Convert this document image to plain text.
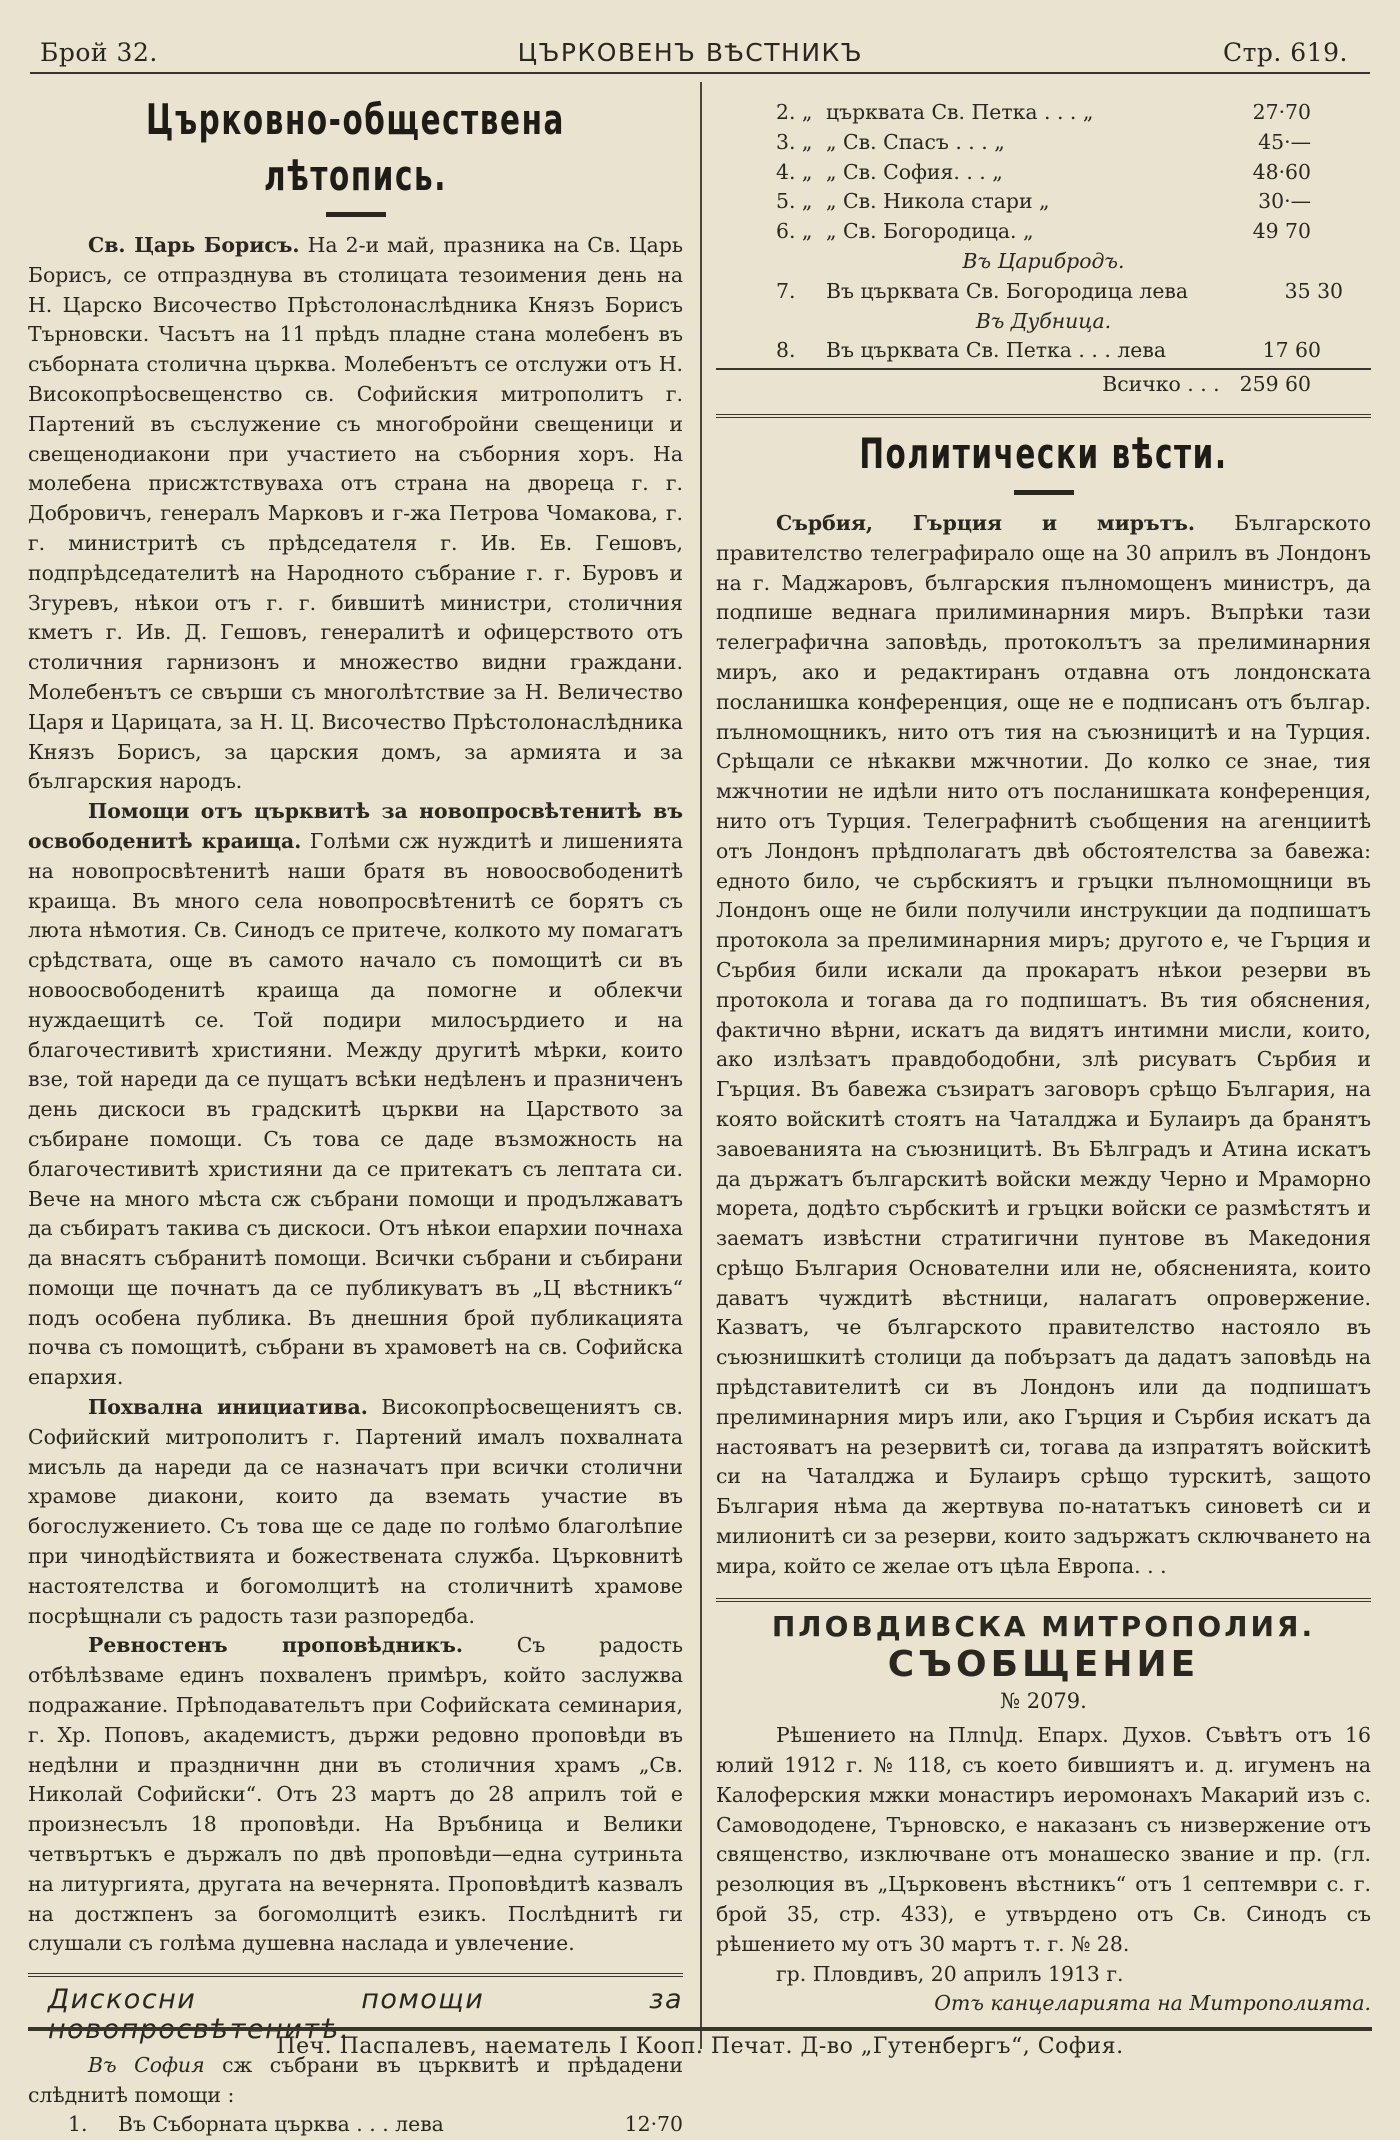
Брой 32.	ЦЪРКОВЕНЪ ВѢСТНИКЪ	Стр. 619.
Църковно-обществена лѣтопись.

Св. Царь Борисъ. На 2-и май, празника на Св. Царь Борисъ, се отпразднува въ столицата тезоимения день на Н. Царско Височество Прѣстолонаслѣдника Князъ Борисъ Търновски. Часътъ на 11 прѣдъ пладне стана молебенъ въ съборната столична църква. Молебенътъ се отслужи отъ Н. Високопрѣосвещенство св. Софийския митрополитъ г. Партений въ съслужение съ многобройни свещеници и свещенодиакони при участието на съборния хоръ. На молебена присжтствуваха отъ страна на двореца г. г. Добровичъ, генералъ Марковъ и г-жа Петрова Чомакова, г. г. министритѣ съ прѣдседателя г. Ив. Ев. Гешовъ, подпрѣдседателитѣ на Народното събрание г. г. Буровъ и Згуревъ, нѣкои отъ г. г. бившитѣ министри, столичния кметъ г. Ив. Д. Гешовъ, генералитѣ и офицерството отъ столичния гарнизонъ и множество видни граждани. Молебенътъ се свърши съ многолѣтствие за Н. Величество Царя и Царицата, за Н. Ц. Височество Прѣстолонаслѣдника Князъ Борисъ, за царския домъ, за армията и за българския народъ.

Помощи отъ църквитѣ за новопросвѣтенитѣ въ освободенитѣ краища. Голѣми сж нуждитѣ и лишенията на новопросвѣтенитѣ наши братя въ новоосвободенитѣ краища. Въ много села новопросвѣтенитѣ се борятъ съ люта нѣмотия. Св. Синодъ се притече, колкото му помагатъ срѣдствата, още въ самото начало съ помощитѣ си въ новоосвободенитѣ краища да помогне и облекчи нуждаещитѣ се. Той подири милосърдието и на благочестивитѣ християни. Между другитѣ мѣрки, които взе, той нареди да се пущатъ всѣки недѣленъ и празниченъ день дискоси въ градскитѣ църкви на Царството за събиране помощи. Съ това се даде възможность на благочестивитѣ християни да се притекатъ съ лептата си. Вече на много мѣста сж събрани помощи и продължаватъ да събиратъ такива съ дискоси. Отъ нѣкои епархии почнаха да внасятъ събранитѣ помощи. Всички събрани и събирани помощи ще почнатъ да се публикуватъ въ „Ц вѣстникъ“ подъ особена публика. Въ днешния брой публикацията почва съ помощитѣ, събрани въ храмоветѣ на св. Софийска епархия.

Похвална инициатива. Високопрѣосвещениятъ св. Софийский митрополитъ г. Партений ималъ похвалната мисъль да нареди да се назначатъ при всички столични храмове диакони, които да вземать участие въ богослужението. Съ това ще се даде по голѣмо благолѣпие при чинодѣйствията и божествената служба. Църковнитѣ настоятелства и богомолцитѣ на столичнитѣ храмове посрѣщнали съ радость тази разпоредба.

Ревностенъ проповѣдникъ.	Съ радость отбѣлѣзваме единъ похваленъ примѣръ, който заслужва подражание. Прѣподавательтъ при Софийската семинария, г. Хр. Поповъ, академистъ, държи редовно проповѣди въ недѣлни и праздничнн дни въ столичния храмъ „Св. Николай Софийски“. Отъ 23 мартъ до 28 априлъ той е произнесълъ 18 проповѣди. На Връбница и Велики четвъртъкъ е държалъ по двѣ проповѣди—една сутриньта на литургията, другата на вечернята. Проповѣдитѣ казвалъ на достжпенъ за богомолцитѣ езикъ. Послѣднитѣ ги слушали съ голѣма душевна наслада и увлечение.

Дискосни помощи за новопросвѣтенитѣ.

Въ София сж събрани въ църквитѣ и прѣдадени слѣднитѣ помощи :

1.	Въ Съборната църква . . . лева	12·70
2. „ църквата Св. Петка . . . „	27·70
3. „ „ Св. Спасъ . . . „	45·—
4. „ „ Св. София. . . „	48·60
5. „ „ Св. Никола стари „	30·—
6. „ „ Св. Богородица. „	49 70
Въ Царибродъ.
7.	Въ църквата Св. Богородица лева	35 30
Въ Дубница.
8.	Въ църквата Св. Петка . . . лева	17 60
Всичко . . . 259 60
Политически вѣсти.

Сърбия, Гърция и мирътъ. Българското правителство телеграфирало още на 30 априлъ въ Лондонъ на г. Маджаровъ, българския пълномощенъ министръ, да подпише веднага прилиминарния миръ. Въпрѣки тази телеграфична заповѣдь, протоколътъ за прелиминарния миръ, ако и редактиранъ отдавна отъ лондонската посланишка конференция, още не е подписанъ отъ българ. пълномощникъ, нито отъ тия на съюзницитѣ и на Турция. Срѣщали се нѣкакви мжчнотии. До колко се знае, тия мжчнотии не идѣли нито отъ посланишката конференция, нито отъ Турция. Телеграфнитѣ съобщения на агенциитѣ отъ Лондонъ прѣдполагатъ двѣ обстоятелства за бавежа: едното било, че сърбскиятъ и гръцки пълномощници въ Лондонъ още не били получили инструкции да подпишатъ протокола за прелиминарния миръ; другото е, че Гърция и Сърбия били искали да прокаратъ нѣкои резерви въ протокола и тогава да го подпишатъ. Въ тия обяснения, фактично вѣрни, искатъ да видятъ интимни мисли, които, ако излѣзатъ правдободобни, злѣ рисуватъ Сърбия и Гърция. Въ бавежа съзиратъ заговоръ срѣщо България, на която войскитѣ стоятъ на Чаталджа и Булаиръ да бранятъ завоеванията на съюзницитѣ. Въ Бѣлградъ и Атина искатъ да държатъ българскитѣ войски между Черно и Мраморно морета, додѣто сърбскитѣ и гръцки войски се размѣстятъ и заематъ извѣстни стратигични пунтове въ Македония срѣщо България Основателни или не, обясненията, които даватъ чуждитѣ вѣстници, налагатъ опровержение. Казватъ, че българското правителство настояло въ съюзнишкитѣ столици да побързатъ да дадатъ заповѣдь на прѣдставителитѣ си въ Лондонъ или да подпишатъ прелиминарния миръ или, ако Гърция и Сърбия искатъ да настояватъ на резервитѣ си, тогава да изпратятъ войскитѣ си на Чаталджа и Булаиръ срѣщо турскитѣ, защото България нѣма да жертвува по-нататъкъ синоветѣ си и милионитѣ си за резерви, които задържатъ сключването на мира, който се желае отъ цѣла Европа. . .

ПЛОВДИВСКА МИТРОПОЛИЯ.
СЪОБЩЕНИЕ
№ 2079.

Рѣшението на Плովд. Епарх. Духов. Съвѣтъ отъ 16 юлий 1912 г. № 118, съ което бившиятъ и. д. игуменъ на Калоферския мжки монастиръ иеромонахъ Макарий изъ с. Самовододене, Търновско, е наказанъ съ низвержение отъ священство, изключване отъ монашеско звание и пр. (гл. резолюция въ „Църковенъ вѣстникъ“ отъ 1 септември с. г. брой 35, стр. 433), е утвърдено отъ Св. Синодъ съ рѣшението му отъ 30 мартъ т. г. № 28.

гр. Пловдивъ, 20 априлъ 1913 г.

Отъ канцеларията на Митрополията.
Печ. Паспалевъ, наематель I Кооп. Печат. Д-во „Гутенбергъ“, София.
